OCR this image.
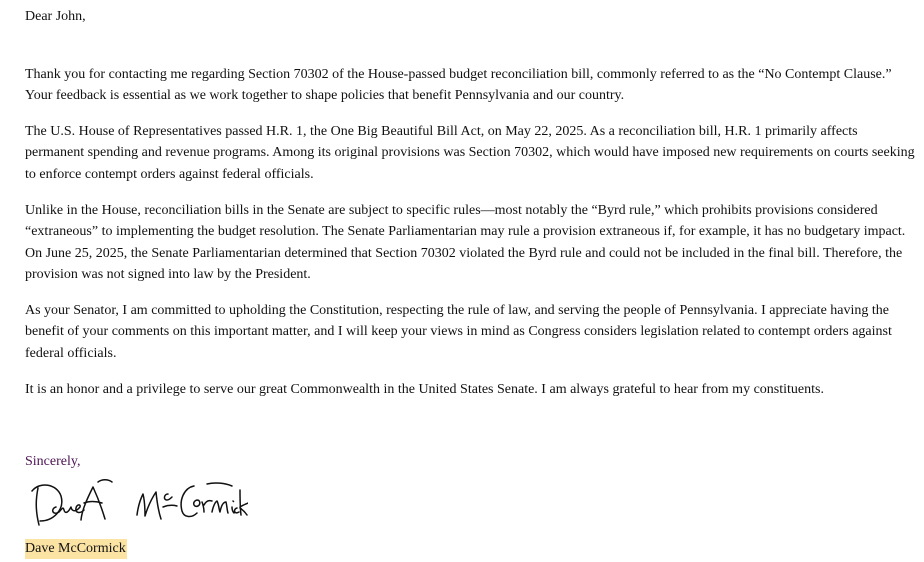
Dear John,

Thank you for contacting me regarding Section 70302 of the House-passed budget reconciliation bill, commonly referred to as the “No Contempt Clause.” Your feedback is essential as we work together to shape policies that benefit Pennsylvania and our country.

The U.S. House of Representatives passed H.R. 1, the One Big Beautiful Bill Act, on May 22, 2025. As a reconciliation bill, H.R. 1 primarily affects permanent spending and revenue programs. Among its original provisions was Section 70302, which would have imposed new requirements on courts seeking to enforce contempt orders against federal officials.

Unlike in the House, reconciliation bills in the Senate are subject to specific rules—most notably the “Byrd rule,” which prohibits provisions considered “extraneous” to implementing the budget resolution. The Senate Parliamentarian may rule a provision extraneous if, for example, it has no budgetary impact. On June 25, 2025, the Senate Parliamentarian determined that Section 70302 violated the Byrd rule and could not be included in the final bill. Therefore, the provision was not signed into law by the President.

As your Senator, I am committed to upholding the Constitution, respecting the rule of law, and serving the people of Pennsylvania. I appreciate having the benefit of your comments on this important matter, and I will keep your views in mind as Congress considers legislation related to contempt orders against federal officials.

It is an honor and a privilege to serve our great Commonwealth in the United States Senate. I am always grateful to hear from my constituents.

Sincerely,

Dave McCormick
